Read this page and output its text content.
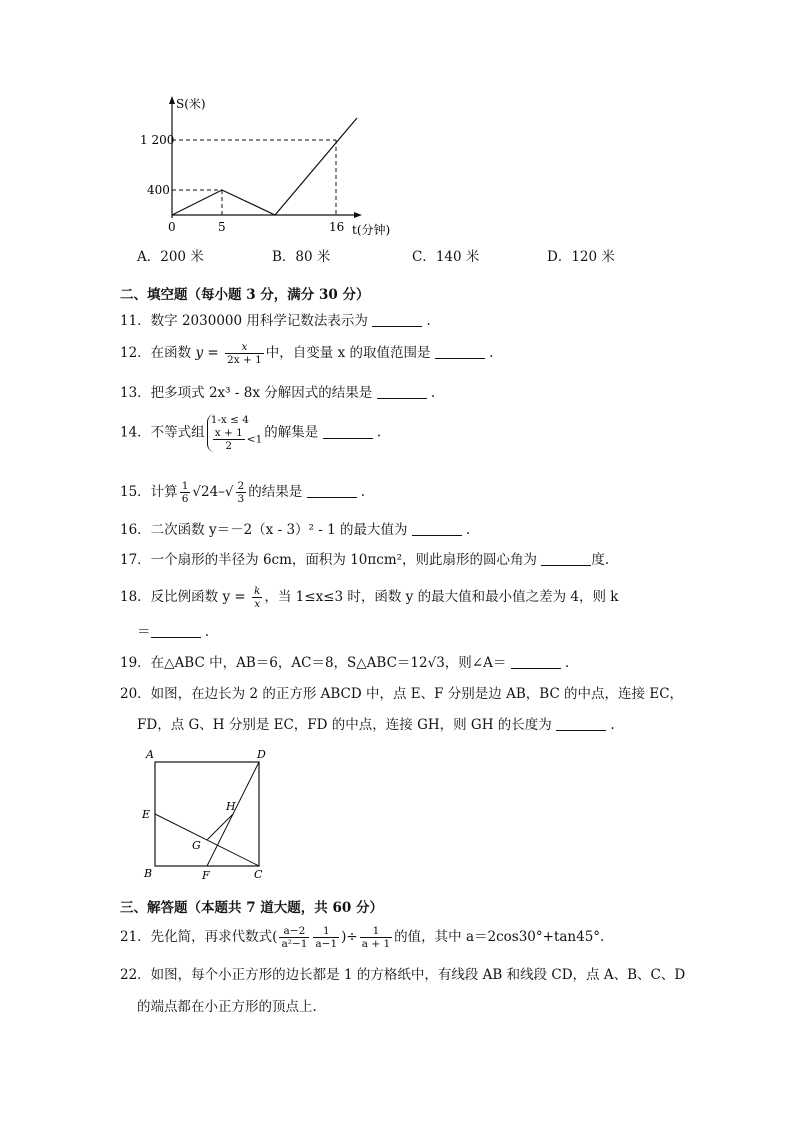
S(米)
t(分钟)
1 200
400
0	5	16
A．200 米	B．80 米	C．140 米	D．120 米
二、填空题（每小题 3 分，满分 30 分）
11．数字 2030000 用科学记数法表示为	.
12．在函数 $y = \frac{x}{2x + 1}$ 中，自变量 x 的取值范围是	.
13．把多项式 2x³ - 8x 分解因式的结果是	.
14．不等式组
1-x ≤ 4
$\frac{x + 1}{2} <1$ 的解集是	.
15．计算 $\frac{1}{6} √24-√ \frac{2}{3}$ 的结果是	.
16．二次函数 y＝－2（x - 3）² - 1 的最大值为	.
17．一个扇形的半径为 6cm，面积为 10πcm²，则此扇形的圆心角为	度.
18．反比例函数 $y = \frac{k}{x}$ ，当 1≤x≤3 时，函数 y 的最大值和最小值之差为 4，则 k
＝	.
19．在△ABC 中，AB＝6，AC＝8，S△ABC＝12√3，则∠A＝	.
20．如图，在边长为 2 的正方形 ABCD 中，点 E、F 分别是边 AB，BC 的中点，连接 EC，
FD，点 G、H 分别是 EC，FD 的中点，连接 GH，则 GH 的长度为	.
A	D
E
H
G
B	F	C
三、解答题（本题共 7 道大题，共 60 分）
21．先化简，再求代数式( $\frac{a-2}{\text{a²−1}} \frac{1}{a-1}$ )÷ $\frac{1}{a + 1}$ 的值，其中 a＝2cos30°+tan45°.
22．如图，每个小正方形的边长都是 1 的方格纸中，有线段 AB 和线段 CD，点 A、B、C、D
的端点都在小正方形的顶点上.
